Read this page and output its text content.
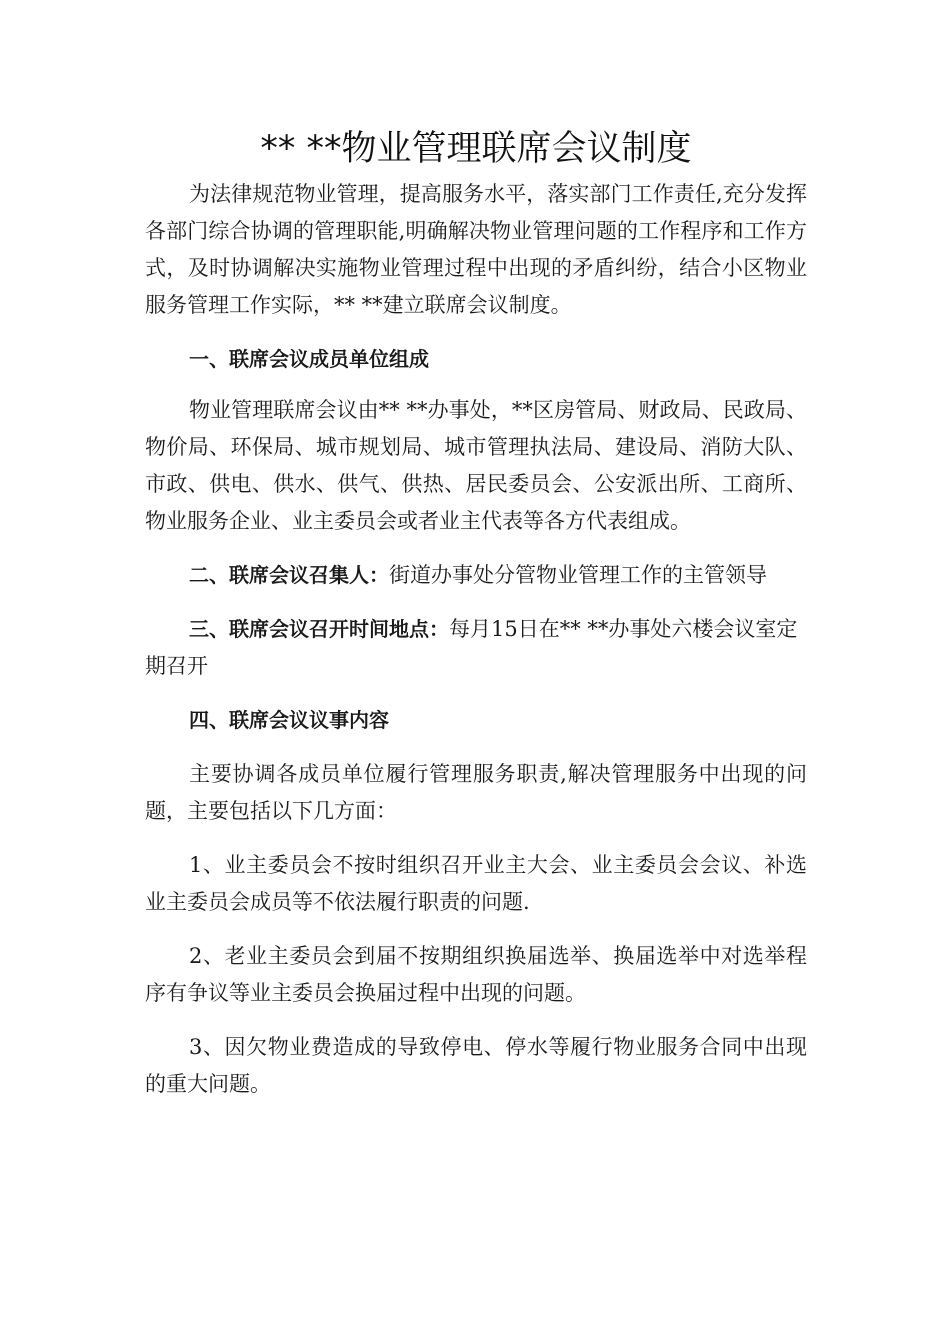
** **物业管理联席会议制度

为法律规范物业管理，提高服务水平，落实部门工作责任,充分发挥各部门综合协调的管理职能,明确解决物业管理问题的工作程序和工作方式，及时协调解决实施物业管理过程中出现的矛盾纠纷，结合小区物业服务管理工作实际，** **建立联席会议制度。

一、联席会议成员单位组成

物业管理联席会议由** **办事处，**区房管局、财政局、民政局、物价局、环保局、城市规划局、城市管理执法局、建设局、消防大队、市政、供电、供水、供气、供热、居民委员会、公安派出所、工商所、物业服务企业、业主委员会或者业主代表等各方代表组成。

二、联席会议召集人：街道办事处分管物业管理工作的主管领导

三、联席会议召开时间地点：每月15日在** **办事处六楼会议室定期召开

四、联席会议议事内容

主要协调各成员单位履行管理服务职责,解决管理服务中出现的问题，主要包括以下几方面：

1、业主委员会不按时组织召开业主大会、业主委员会会议、补选业主委员会成员等不依法履行职责的问题.

2、老业主委员会到届不按期组织换届选举、换届选举中对选举程序有争议等业主委员会换届过程中出现的问题。

3、因欠物业费造成的导致停电、停水等履行物业服务合同中出现的重大问题。
